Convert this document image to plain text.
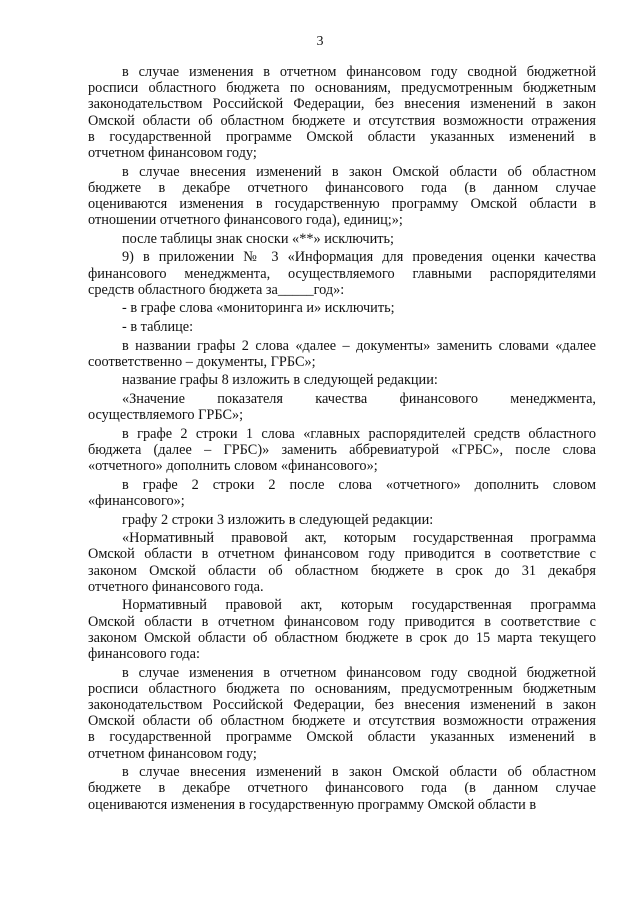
3
в случае изменения в отчетном финансовом году сводной бюджетной
росписи областного бюджета по основаниям, предусмотренным бюджетным
законодательством Российской Федерации, без внесения изменений в закон
Омской области об областном бюджете и отсутствия возможности отражения
в государственной программе Омской области указанных изменений в
отчетном финансовом году;
в случае внесения изменений в закон Омской области об областном
бюджете в декабре отчетного финансового года (в данном случае
оцениваются изменения в государственную программу Омской области в
отношении отчетного финансового года), единиц;»;
после таблицы знак сноски «**» исключить;
9) в приложении № 3 «Информация для проведения оценки качества
финансового менеджмента, осуществляемого главными распорядителями
средств областного бюджета за_____год»:
- в графе слова «мониторинга и» исключить;
- в таблице:
в названии графы 2 слова «далее – документы» заменить словами «далее
соответственно – документы, ГРБС»;
название графы 8 изложить в следующей редакции:
«Значение показателя качества финансового менеджмента,
осуществляемого ГРБС»;
в графе 2 строки 1 слова «главных распорядителей средств областного
бюджета (далее – ГРБС)» заменить аббревиатурой «ГРБС», после слова
«отчетного» дополнить словом «финансового»;
в графе 2 строки 2 после слова «отчетного» дополнить словом
«финансового»;
графу 2 строки 3 изложить в следующей редакции:
«Нормативный правовой акт, которым государственная программа
Омской области в отчетном финансовом году приводится в соответствие с
законом Омской области об областном бюджете в срок до 31 декабря
отчетного финансового года.
Нормативный правовой акт, которым государственная программа
Омской области в отчетном финансовом году приводится в соответствие с
законом Омской области об областном бюджете в срок до 15 марта текущего
финансового года:
в случае изменения в отчетном финансовом году сводной бюджетной
росписи областного бюджета по основаниям, предусмотренным бюджетным
законодательством Российской Федерации, без внесения изменений в закон
Омской области об областном бюджете и отсутствия возможности отражения
в государственной программе Омской области указанных изменений в
отчетном финансовом году;
в случае внесения изменений в закон Омской области об областном
бюджете в декабре отчетного финансового года (в данном случае
оцениваются изменения в государственную программу Омской области в
